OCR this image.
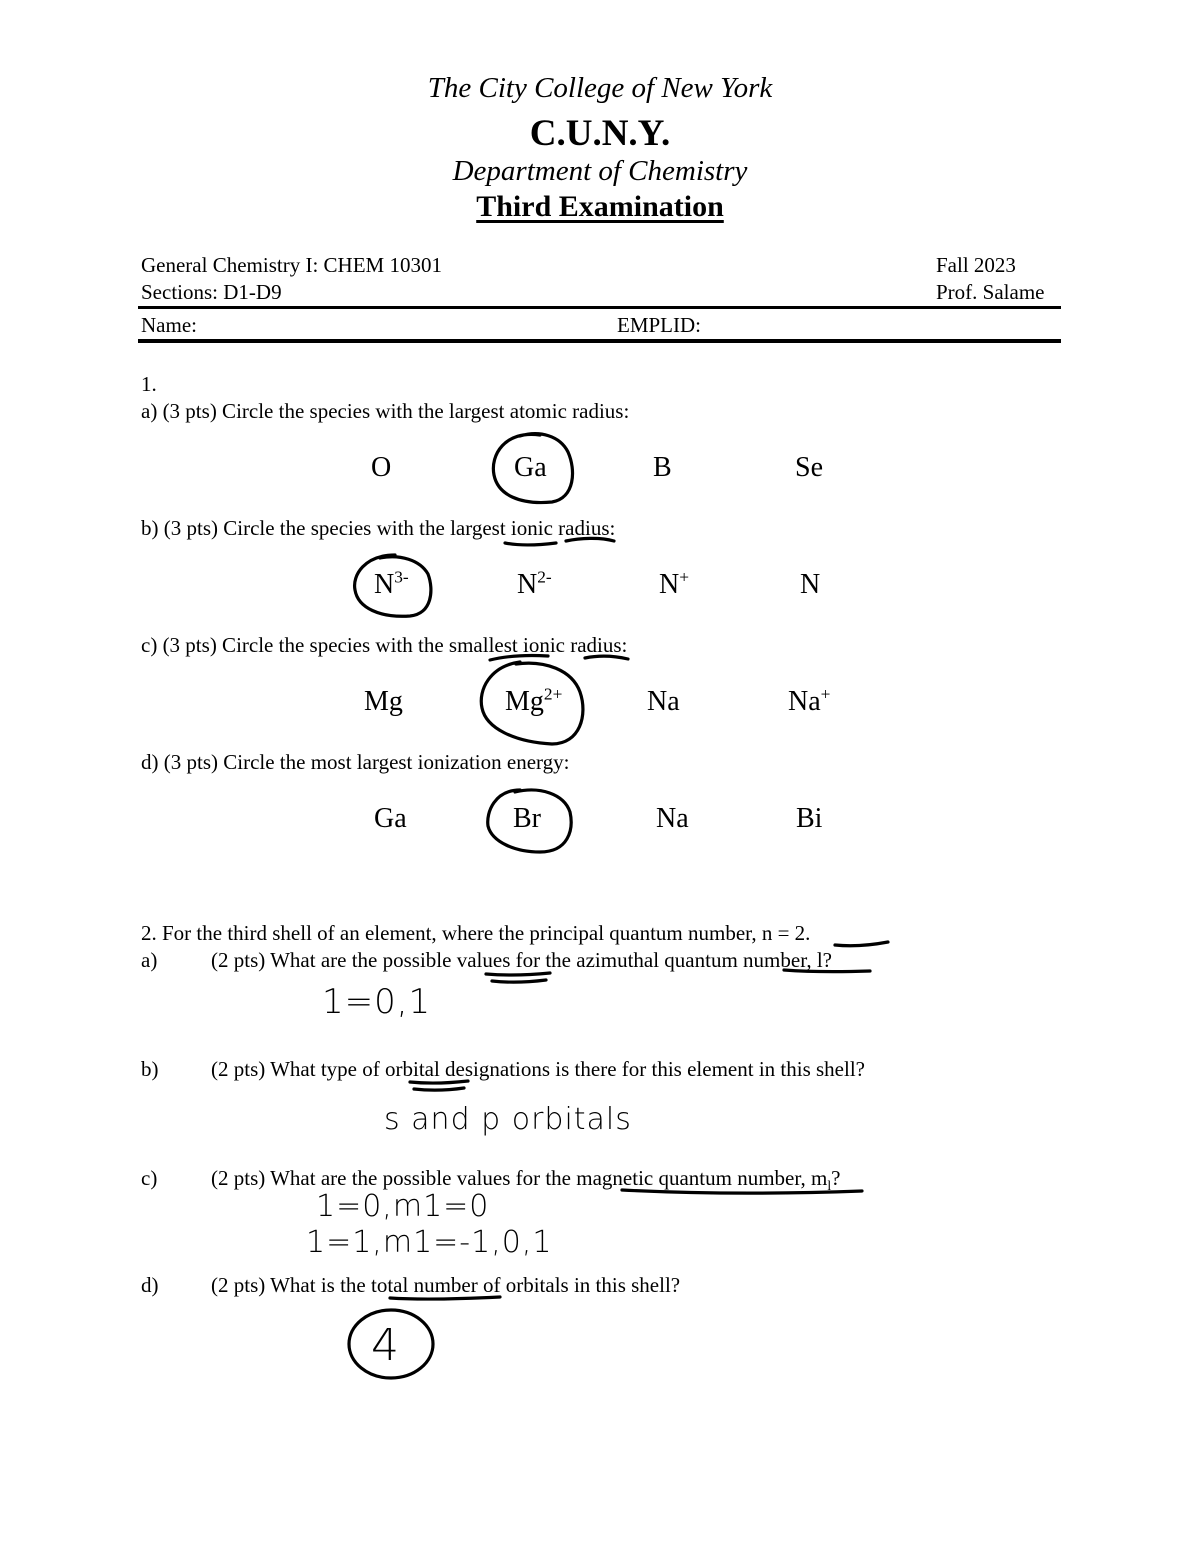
The City College of New York
C.U.N.Y.
Department of Chemistry
Third Examination
General Chemistry I: CHEM 10301
Sections: D1-D9
Fall 2023
Prof. Salame
Name:	EMPLID:
1.
a) (3 pts) Circle the species with the largest atomic radius:
O	Ga	B	Se
b) (3 pts) Circle the species with the largest ionic radius:
$N^{3-}$	$N^{2-}$	N+	N
c) (3 pts) Circle the species with the smallest ionic radius:
Mg	$Mg^{2+}$	Na	Na+
d) (3 pts) Circle the most largest ionization energy:
Ga	Br	Na	Bi
2. For the third shell of an element, where the principal quantum number, n = 2.
a)	(2 pts) What are the possible values for the azimuthal quantum number, l?
1=0,1
b)	(2 pts) What type of orbital designations is there for this element in this shell?
s and p orbitals
c)	(2 pts) What are the possible values for the magnetic quantum number, $m_l$?
1=0,m1=0
1=1,m1=-1,0,1
d)	(2 pts) What is the total number of orbitals in this shell?
4
